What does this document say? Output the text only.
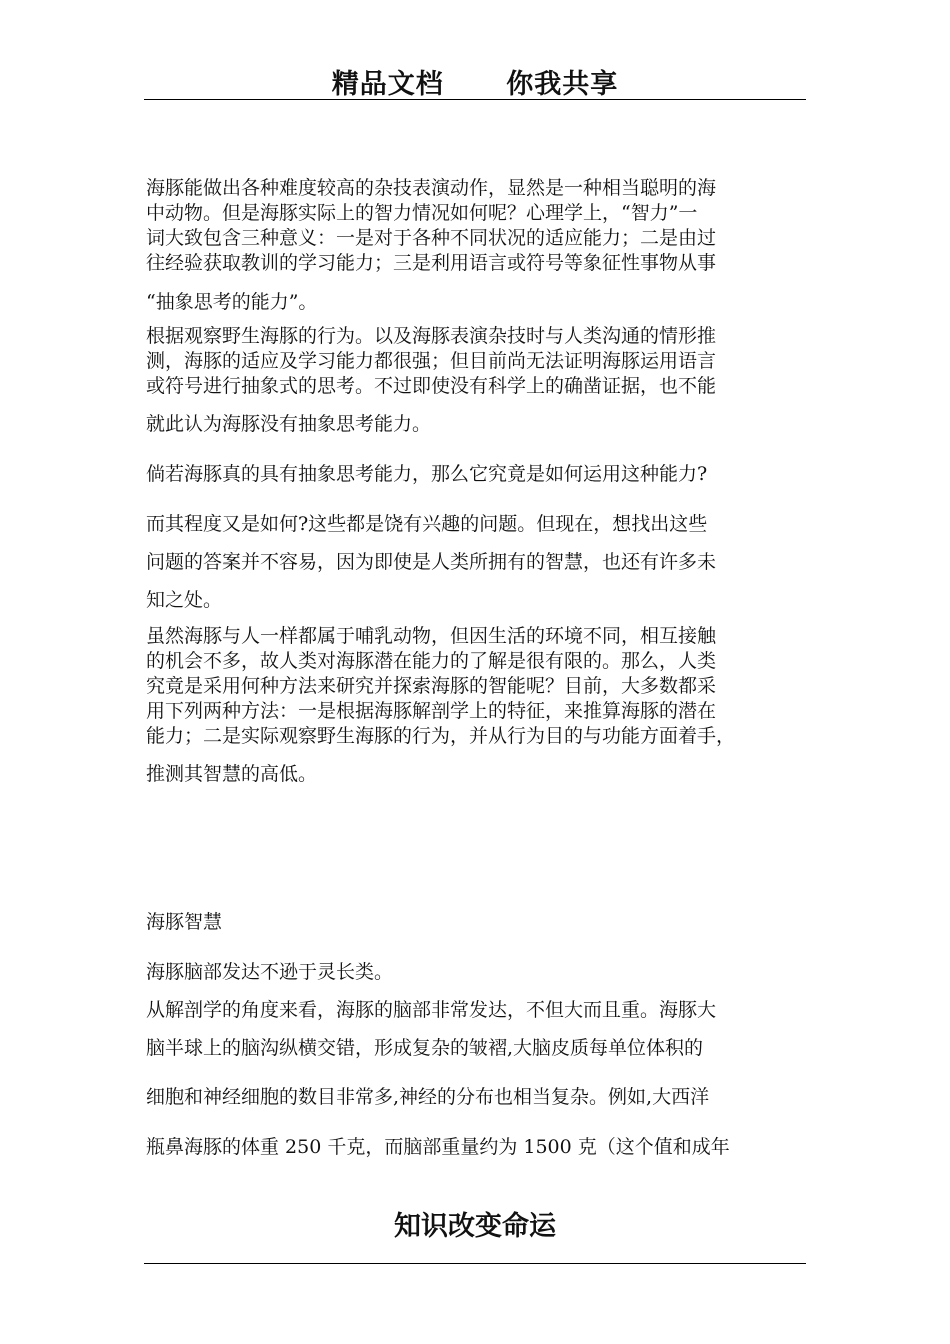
精品文档      你我共享
海豚能做出各种难度较高的杂技表演动作，显然是一种相当聪明的海
中动物。但是海豚实际上的智力情况如何呢？心理学上，“智力”一
词大致包含三种意义：一是对于各种不同状况的适应能力；二是由过
往经验获取教训的学习能力；三是利用语言或符号等象征性事物从事
“抽象思考的能力”。
根据观察野生海豚的行为。以及海豚表演杂技时与人类沟通的情形推
测，海豚的适应及学习能力都很强；但目前尚无法证明海豚运用语言
或符号进行抽象式的思考。不过即使没有科学上的确凿证据，也不能
就此认为海豚没有抽象思考能力。
倘若海豚真的具有抽象思考能力，那么它究竟是如何运用这种能力?
而其程度又是如何?这些都是饶有兴趣的问题。但现在，想找出这些
问题的答案并不容易，因为即使是人类所拥有的智慧，也还有许多未
知之处。
虽然海豚与人一样都属于哺乳动物，但因生活的环境不同，相互接触
的机会不多，故人类对海豚潜在能力的了解是很有限的。那么，人类
究竟是采用何种方法来研究并探索海豚的智能呢？目前，大多数都采
用下列两种方法：一是根据海豚解剖学上的特征，来推算海豚的潜在
能力；二是实际观察野生海豚的行为，并从行为目的与功能方面着手，
推测其智慧的高低。
海豚智慧
海豚脑部发达不逊于灵长类。
从解剖学的角度来看，海豚的脑部非常发达，不但大而且重。海豚大
脑半球上的脑沟纵横交错，形成复杂的皱褶,大脑皮质每单位体积的
细胞和神经细胞的数目非常多,神经的分布也相当复杂。例如,大西洋
瓶鼻海豚的体重 250 千克，而脑部重量约为 1500 克（这个值和成年
知识改变命运
